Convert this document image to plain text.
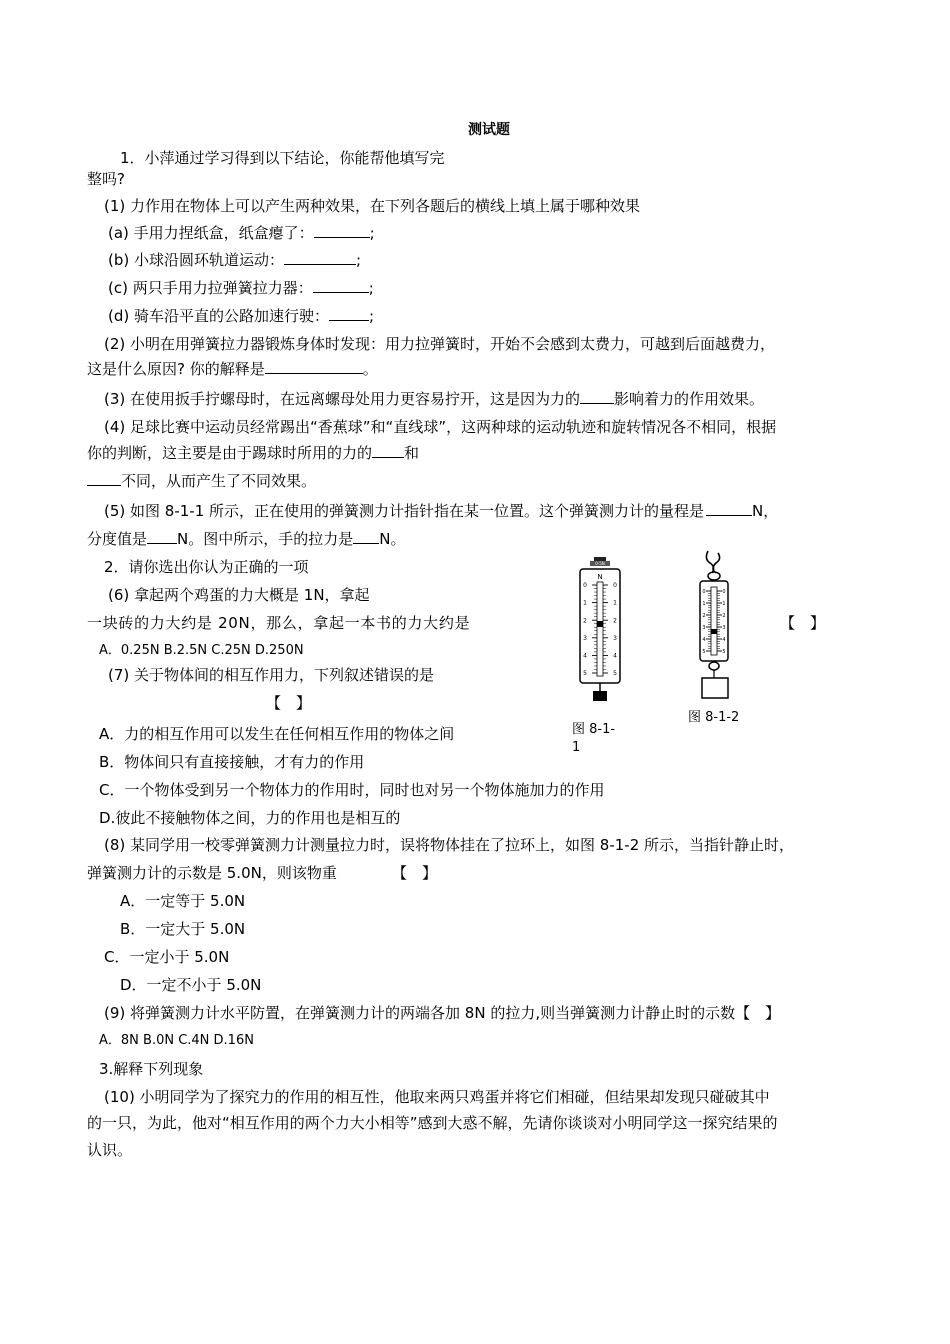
测试题
1．小萍通过学习得到以下结论，你能帮他填写完
整吗?
(1) 力作用在物体上可以产生两种效果，在下列各题后的横线上填上属于哪种效果
(a) 手用力捏纸盒，纸盒瘪了：	;
(b) 小球沿圆环轨道运动：	;
(c) 两只手用力拉弹簧拉力器：	;
(d) 骑车沿平直的公路加速行驶：	;
(2) 小明在用弹簧拉力器锻炼身体时发现：用力拉弹簧时，开始不会感到太费力，可越到后面越费力，
这是什么原因? 你的解释是	。
(3) 在使用扳手拧螺母时，在远离螺母处用力更容易拧开，这是因为力的 影响着力的作用效果。
(4) 足球比赛中运动员经常踢出“香蕉球”和“直线球”，这两种球的运动轨迹和旋转情况各不相同，根据
你的判断，这主要是由于踢球时所用的力的 和
不同，从而产生了不同效果。
(5) 如图 8-1-1 所示，正在使用的弹簧测力计指针指在某一位置。这个弹簧测力计的量程是	N，
分度值是 N。图中所示，手的拉力是 N。
2．请你选出你认为正确的一项
(6) 拿起两个鸡蛋的力大概是 1N，拿起
一块砖的力大约是 20N，那么，拿起一本书的力大约是	【　】
A．0.25N B.2.5N C.25N D.250N
(7) 关于物体间的相互作用力，下列叙述错误的是
【　】
A．力的相互作用可以发生在任何相互作用的物体之间
B．物体间只有直接接触，才有力的作用
C．一个物体受到另一个物体力的作用时，同时也对另一个物体施加力的作用
D.彼此不接触物体之间，力的作用也是相互的
(8) 某同学用一校零弹簧测力计测量拉力时，误将物体挂在了拉环上，如图 8-1-2 所示，当指针静止时，
弹簧测力计的示数是 5.0N，则该物重	【　】
A．一定等于 5.0N
B．一定大于 5.0N
C．一定小于 5.0N
D．一定不小于 5.0N
(9) 将弹簧测力计水平防置，在弹簧测力计的两端各加 8N 的拉力,则当弹簧测力计静止时的示数【　】
A．8N B.0N C.4N D.16N
3.解释下列现象
(10) 小明同学为了探究力的作用的相互性，他取来两只鸡蛋并将它们相碰，但结果却发现只碰破其中
的一只，为此，他对“相互作用的两个力大小相等”感到大惑不解，先请你谈谈对小明同学这一探究结果的
认识。
0-5N
N
0	0
1	1
2	2
3	3
4	4
5	5
图 8-1-
1
0	0
1	1
2	2
3	3
4	4
5	5
图 8-1-2
